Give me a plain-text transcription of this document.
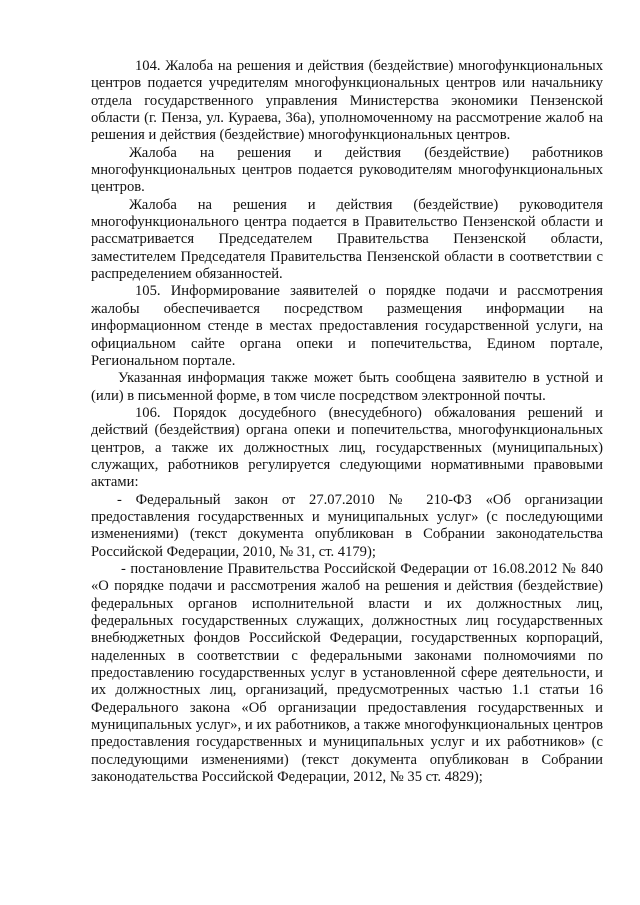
104. Жалоба на решения и действия (бездействие) многофункциональных центров подается учредителям многофункциональных центров или начальнику отдела государственного управления Министерства экономики Пензенской области (г. Пенза, ул. Кураева, 36а), уполномоченному на рассмотрение жалоб на решения и действия (бездействие) многофункциональных центров.

Жалоба на решения и действия (бездействие) работников многофункциональных центров подается руководителям многофункциональных центров.

Жалоба на решения и действия (бездействие) руководителя многофункционального центра подается в Правительство Пензенской области и рассматривается Председателем Правительства Пензенской области, заместителем Председателя Правительства Пензенской области в соответствии с распределением обязанностей.

105. Информирование заявителей о порядке подачи и рассмотрения жалобы обеспечивается посредством размещения информации на информационном стенде в местах предоставления государственной услуги, на официальном сайте органа опеки и попечительства, Едином портале, Региональном портале.

Указанная информация также может быть сообщена заявителю в устной и (или) в письменной форме, в том числе посредством электронной почты.

106. Порядок досудебного (внесудебного) обжалования решений и действий (бездействия) органа опеки и попечительства, многофункциональных центров, а также их должностных лиц, государственных (муниципальных) служащих, работников регулируется следующими нормативными правовыми актами:

- Федеральный закон от 27.07.2010 № 210-ФЗ «Об организации предоставления государственных и муниципальных услуг» (с последующими изменениями) (текст документа опубликован в Собрании законодательства Российской Федерации, 2010, № 31, ст. 4179);

- постановление Правительства Российской Федерации от 16.08.2012 № 840 «О порядке подачи и рассмотрения жалоб на решения и действия (бездействие) федеральных органов исполнительной власти и их должностных лиц, федеральных государственных служащих, должностных лиц государственных внебюджетных фондов Российской Федерации, государственных корпораций, наделенных в соответствии с федеральными законами полномочиями по предоставлению государственных услуг в установленной сфере деятельности, и их должностных лиц, организаций, предусмотренных частью 1.1 статьи 16 Федерального закона «Об организации предоставления государственных и муниципальных услуг», и их работников, а также многофункциональных центров предоставления государственных и муниципальных услуг и их работников» (с последующими изменениями) (текст документа опубликован в Собрании законодательства Российской Федерации, 2012, № 35 ст. 4829);
